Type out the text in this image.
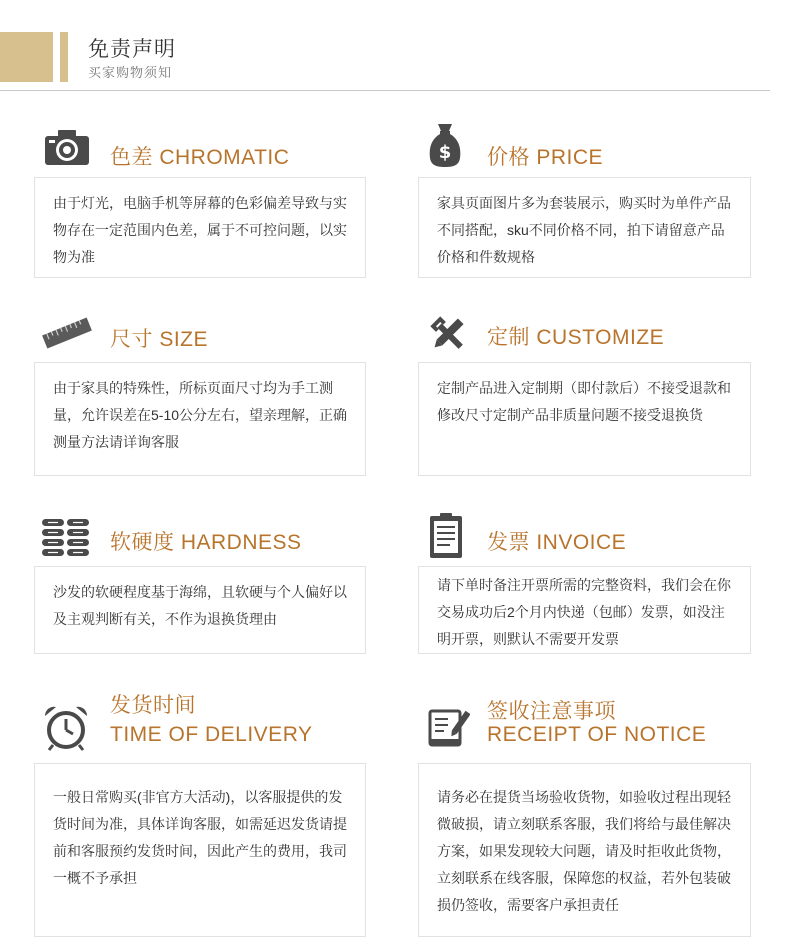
免责声明
买家购物须知
色差 CHROMATIC
由于灯光，电脑手机等屏幕的色彩偏差导致与实物存在一定范围内色差，属于不可控问题，以实物为准
$ 价格 PRICE
家具页面图片多为套装展示，购买时为单件产品不同搭配，sku不同价格不同，拍下请留意产品价格和件数规格
尺寸 SIZE
由于家具的特殊性，所标页面尺寸均为手工测量，允许误差在5-10公分左右，望亲理解，正确测量方法请详询客服
定制 CUSTOMIZE
定制产品进入定制期（即付款后）不接受退款和修改尺寸定制产品非质量问题不接受退换货
软硬度 HARDNESS
沙发的软硬程度基于海绵，且软硬与个人偏好以及主观判断有关，不作为退换货理由
发票 INVOICE
请下单时备注开票所需的完整资料，我们会在你交易成功后2个月内快递（包邮）发票，如没注明开票，则默认不需要开发票
发货时间
TIME OF DELIVERY
一般日常购买(非官方大活动)，以客服提供的发货时间为准，具体详询客服，如需延迟发货请提前和客服预约发货时间，因此产生的费用，我司一概不予承担
签收注意事项
RECEIPT OF NOTICE
请务必在提货当场验收货物，如验收过程出现轻微破损，请立刻联系客服，我们将给与最佳解决方案，如果发现较大问题，请及时拒收此货物，立刻联系在线客服，保障您的权益，若外包装破损仍签收，需要客户承担责任
